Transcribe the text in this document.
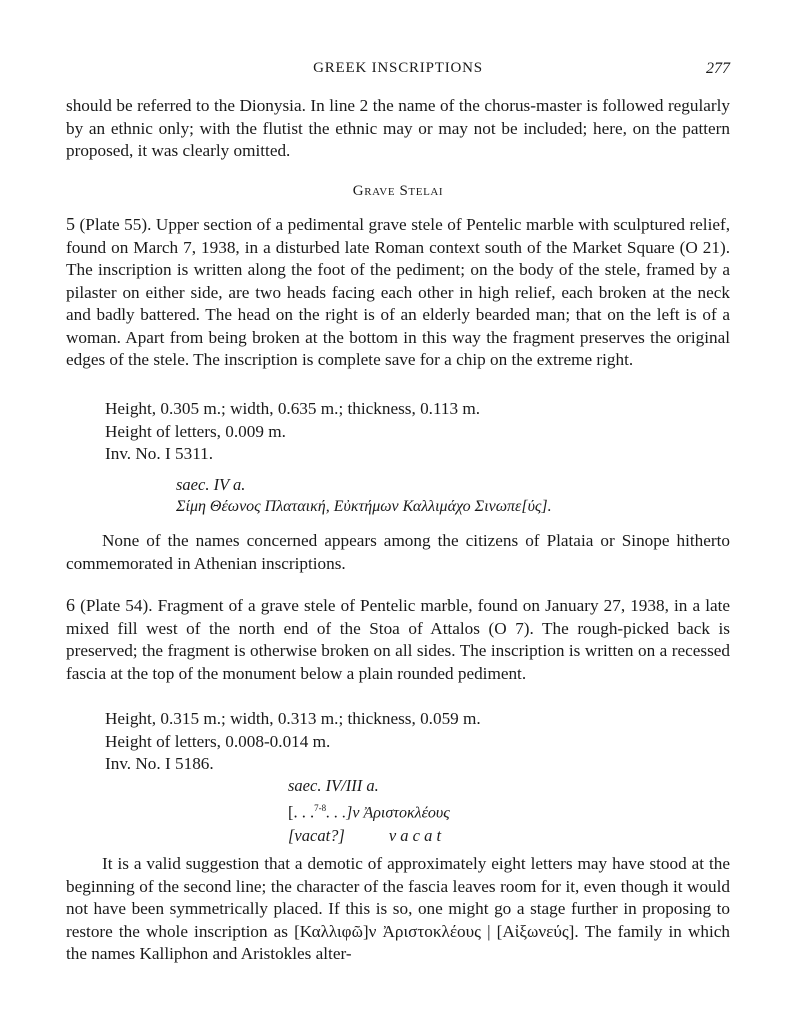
GREEK INSCRIPTIONS	277

should be referred to the Dionysia. In line 2 the name of the chorus-master is followed regularly by an ethnic only; with the flutist the ethnic may or may not be included; here, on the pattern proposed, it was clearly omitted.

Grave Stelai

5 (Plate 55). Upper section of a pedimental grave stele of Pentelic marble with sculptured relief, found on March 7, 1938, in a disturbed late Roman context south of the Market Square (O 21). The inscription is written along the foot of the pediment; on the body of the stele, framed by a pilaster on either side, are two heads facing each other in high relief, each broken at the neck and badly battered. The head on the right is of an elderly bearded man; that on the left is of a woman. Apart from being broken at the bottom in this way the fragment preserves the original edges of the stele. The inscription is complete save for a chip on the extreme right.

Height, 0.305 m.; width, 0.635 m.; thickness, 0.113 m.
Height of letters, 0.009 m.
Inv. No. I 5311.
saec. IV a.
Σίμη Θέωνος Πλαταική, Εὐκτήμων Καλλιμάχο Σινωπε[ύς].

None of the names concerned appears among the citizens of Plataia or Sinope hitherto commemorated in Athenian inscriptions.

6 (Plate 54). Fragment of a grave stele of Pentelic marble, found on January 27, 1938, in a late mixed fill west of the north end of the Stoa of Attalos (O 7). The rough-picked back is preserved; the fragment is otherwise broken on all sides. The inscription is written on a recessed fascia at the top of the monument below a plain rounded pediment.

Height, 0.315 m.; width, 0.313 m.; thickness, 0.059 m.
Height of letters, 0.008-0.014 m.
Inv. No. I 5186.
saec. IV/III a.
[. . .$^{7-8}$. . .]ν Ἀριστοκλέους
[vacat?]	v a c a t

It is a valid suggestion that a demotic of approximately eight letters may have stood at the beginning of the second line; the character of the fascia leaves room for it, even though it would not have been symmetrically placed. If this is so, one might go a stage further in proposing to restore the whole inscription as [Καλλιφῶ]ν Ἀριστοκλέους | [Αἰξωνεύς]. The family in which the names Kalliphon and Aristokles alter-
